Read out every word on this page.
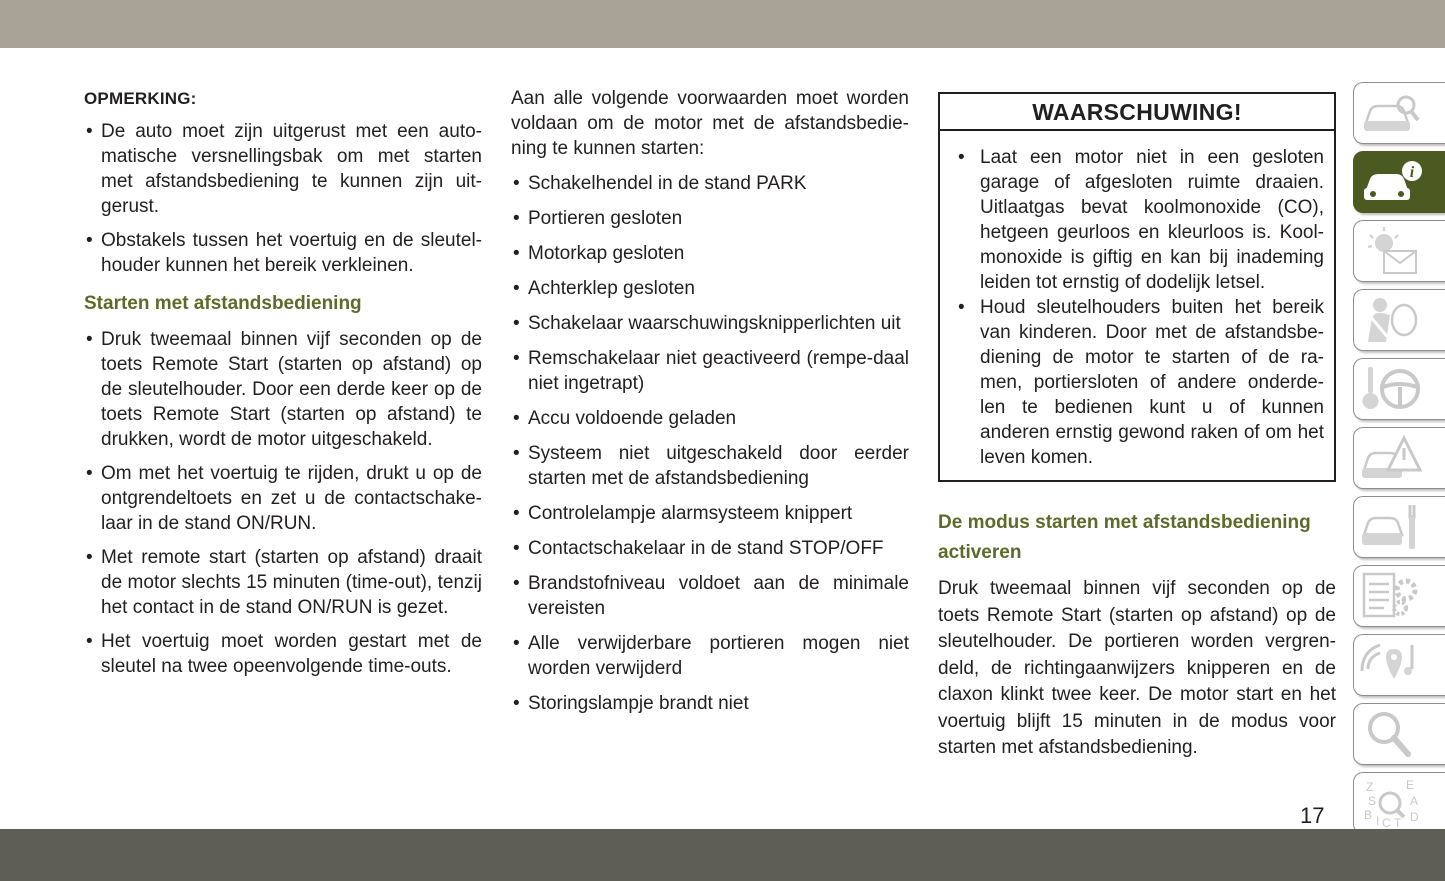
OPMERKING:
• De auto moet zijn uitgerust met een auto-matische versnellingsbak om met starten met afstandsbediening te kunnen zijn uit-gerust.
• Obstakels tussen het voertuig en de sleutel-houder kunnen het bereik verkleinen.
Starten met afstandsbediening
• Druk tweemaal binnen vijf seconden op de toets Remote Start (starten op afstand) op de sleutelhouder. Door een derde keer op de toets Remote Start (starten op afstand) te drukken, wordt de motor uitgeschakeld.
• Om met het voertuig te rijden, drukt u op de ontgrendeltoets en zet u de contactschake-laar in de stand ON/RUN.
• Met remote start (starten op afstand) draait de motor slechts 15 minuten (time-out), tenzij het contact in de stand ON/RUN is gezet.
• Het voertuig moet worden gestart met de sleutel na twee opeenvolgende time-outs.
Aan alle volgende voorwaarden moet worden voldaan om de motor met de afstandsbedie-ning te kunnen starten:
• Schakelhendel in de stand PARK
• Portieren gesloten
• Motorkap gesloten
• Achterklep gesloten
• Schakelaar waarschuwingsknipperlichten uit
• Remschakelaar niet geactiveerd (rempe-daal niet ingetrapt)
• Accu voldoende geladen
• Systeem niet uitgeschakeld door eerder starten met de afstandsbediening
• Controlelampje alarmsysteem knippert
• Contactschakelaar in de stand STOP/OFF
• Brandstofniveau voldoet aan de minimale vereisten
• Alle verwijderbare portieren mogen niet worden verwijderd
• Storingslampje brandt niet
WAARSCHUWING!
• Laat een motor niet in een gesloten garage of afgesloten ruimte draaien. Uitlaatgas bevat koolmonoxide (CO), hetgeen geurloos en kleurloos is. Kool-monoxide is giftig en kan bij inademing leiden tot ernstig of dodelijk letsel.
• Houd sleutelhouders buiten het bereik van kinderen. Door met de afstandsbe-diening de motor te starten of de ra-men, portiersloten of andere onderde-len te bedienen kunt u of kunnen anderen ernstig gewond raken of om het leven komen.
De modus starten met afstandsbediening activeren
Druk tweemaal binnen vijf seconden op de toets Remote Start (starten op afstand) op de sleutelhouder. De portieren worden vergren-deld, de richtingaanwijzers knipperen en de claxon klinkt twee keer. De motor start en het voertuig blijft 15 minuten in de modus voor starten met afstandsbediening.
i
Z	E
S	A
B	D
I C T
17
